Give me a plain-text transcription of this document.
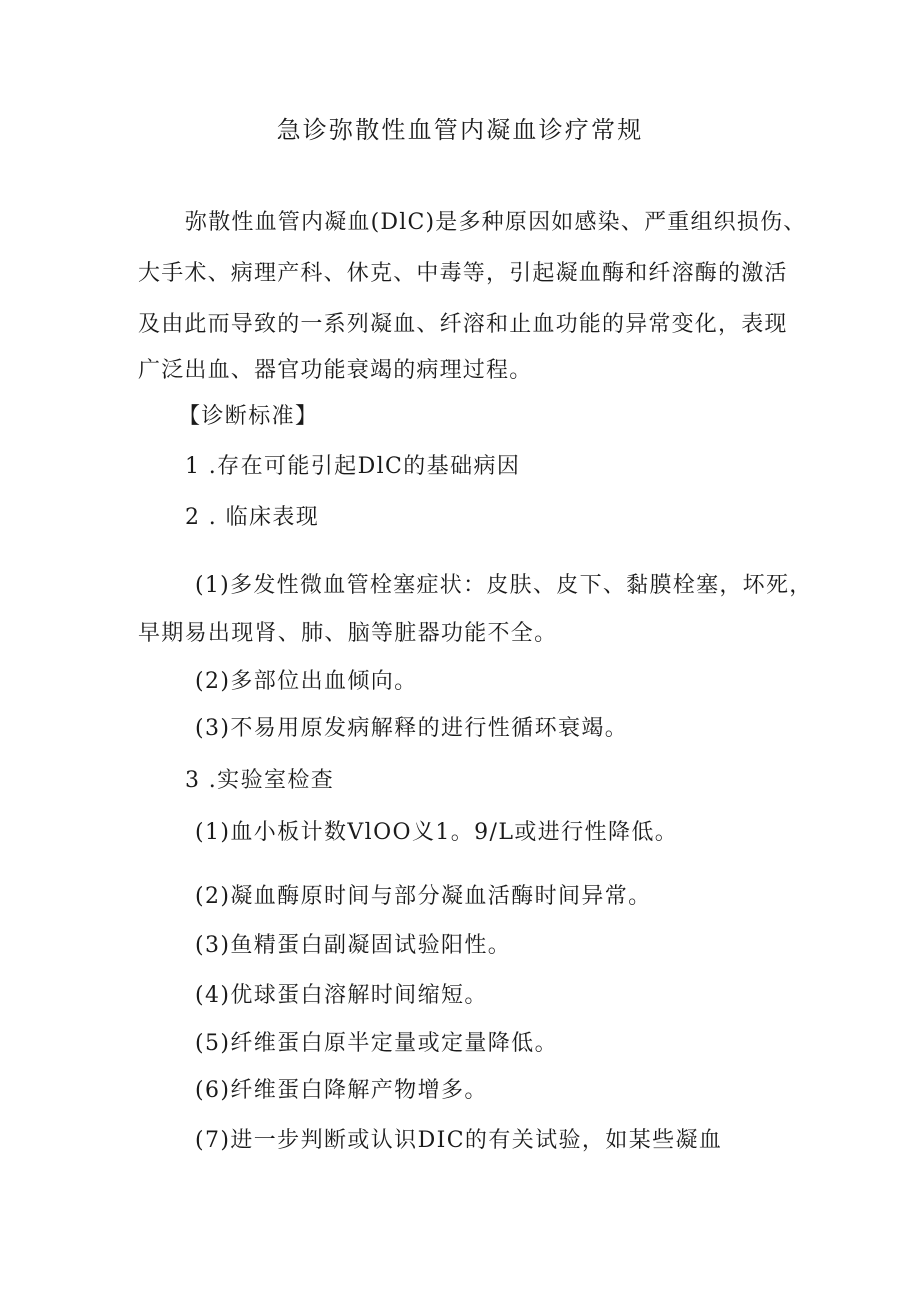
急诊弥散性血管内凝血诊疗常规
弥散性血管内凝血(DlC)是多种原因如感染、严重组织损伤、
大手术、病理产科、休克、中毒等，引起凝血酶和纤溶酶的激活
及由此而导致的一系列凝血、纤溶和止血功能的异常变化，表现
广泛出血、器官功能衰竭的病理过程。
【诊断标准】
1 .存在可能引起DlC的基础病因
2 . 临床表现
(1)多发性微血管栓塞症状：皮肤、皮下、黏膜栓塞，坏死，
早期易出现肾、肺、脑等脏器功能不全。
(2)多部位出血倾向。
(3)不易用原发病解释的进行性循环衰竭。
3 .实验室检查
(1)血小板计数VlOO义1。9/L或进行性降低。
(2)凝血酶原时间与部分凝血活酶时间异常。
(3)鱼精蛋白副凝固试验阳性。
(4)优球蛋白溶解时间缩短。
(5)纤维蛋白原半定量或定量降低。
(6)纤维蛋白降解产物增多。
(7)进一步判断或认识DIC的有关试验，如某些凝血
